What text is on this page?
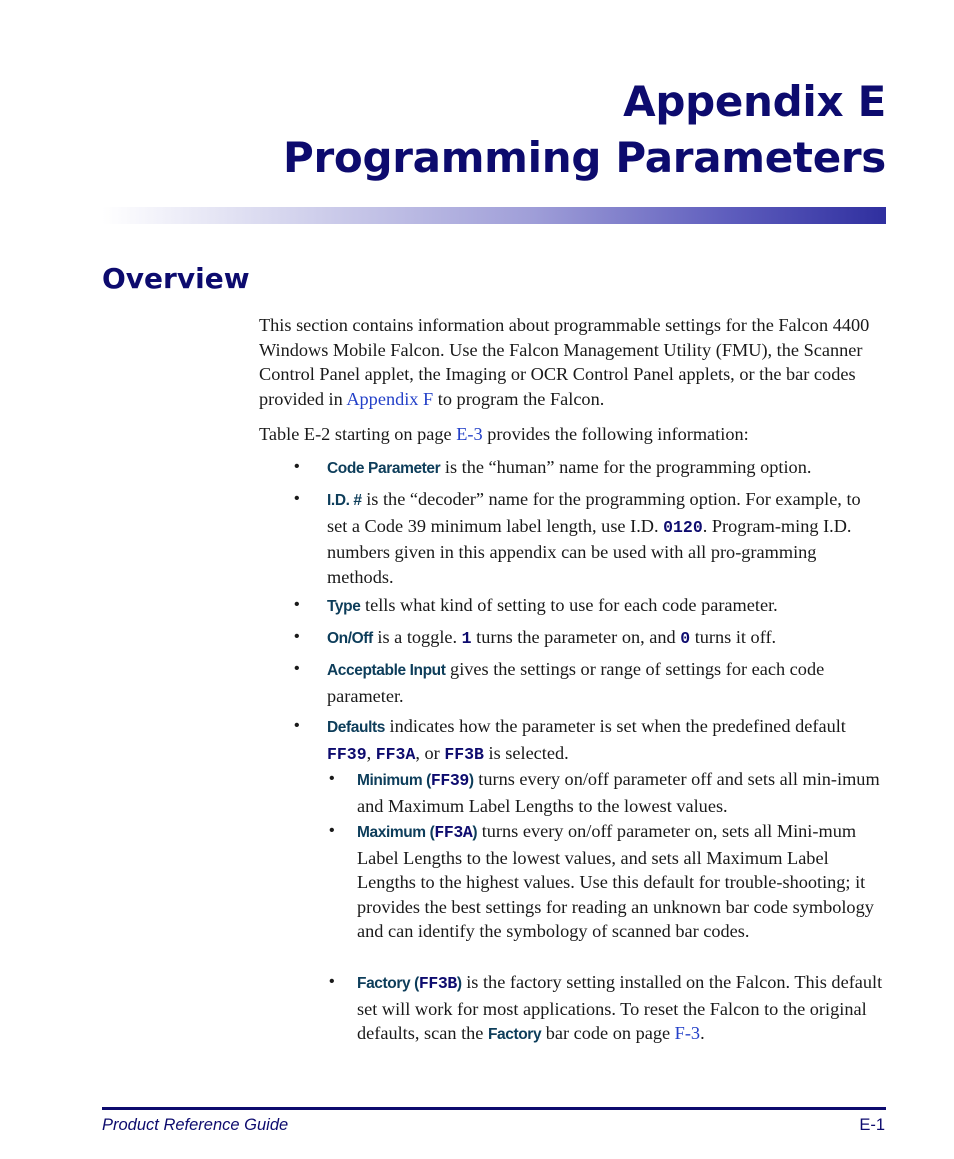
Appendix E
Programming Parameters
Overview

This section contains information about programmable settings for the Falcon 4400 Windows Mobile Falcon. Use the Falcon Management Utility (FMU), the Scanner Control Panel applet, the Imaging or OCR Control Panel applets, or the bar codes provided in Appendix F to program the Falcon.

Table E-2 starting on page E-3 provides the following information:

• Code Parameter is the “human” name for the programming option.

• I.D. # is the “decoder” name for the programming option. For example, to set a Code 39 minimum label length, use I.D. 0120. Program-ming I.D. numbers given in this appendix can be used with all pro-gramming methods.

• Type tells what kind of setting to use for each code parameter.

• On/Off is a toggle. 1 turns the parameter on, and 0 turns it off.

• Acceptable Input gives the settings or range of settings for each code parameter.

• Defaults indicates how the parameter is set when the predefined default FF39, FF3A, or FF3B is selected.

• Minimum (FF39) turns every on/off parameter off and sets all min-imum and Maximum Label Lengths to the lowest values.

• Maximum (FF3A) turns every on/off parameter on, sets all Mini-mum Label Lengths to the lowest values, and sets all Maximum Label Lengths to the highest values. Use this default for trouble-shooting; it provides the best settings for reading an unknown bar code symbology and can identify the symbology of scanned bar codes.

• Factory (FF3B) is the factory setting installed on the Falcon. This default set will work for most applications. To reset the Falcon to the original defaults, scan the Factory bar code on page F-3.

Product Reference Guide	E-1
